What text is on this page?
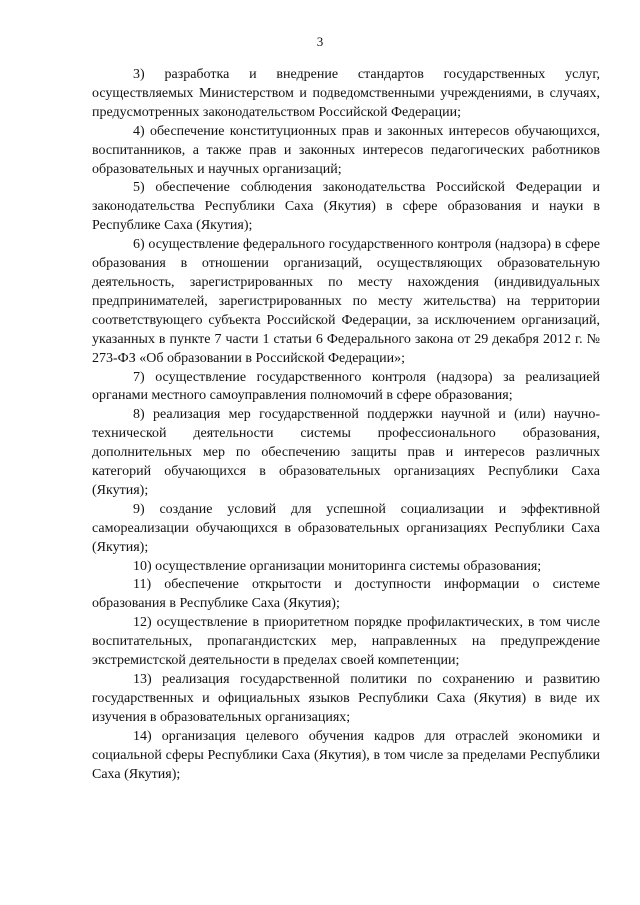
3

3) разработка и внедрение стандартов государственных услуг, осуществляемых Министерством и подведомственными учреждениями, в случаях, предусмотренных законодательством Российской Федерации;

4) обеспечение конституционных прав и законных интересов обучающихся, воспитанников, а также прав и законных интересов педагогических работников образовательных и научных организаций;

5) обеспечение соблюдения законодательства Российской Федерации и законодательства Республики Саха (Якутия) в сфере образования и науки в Республике Саха (Якутия);

6) осуществление федерального государственного контроля (надзора) в сфере образования в отношении организаций, осуществляющих образовательную деятельность, зарегистрированных по месту нахождения (индивидуальных предпринимателей, зарегистрированных по месту жительства) на территории соответствующего субъекта Российской Федерации, за исключением организаций, указанных в пункте 7 части 1 статьи 6 Федерального закона от 29 декабря 2012 г. № 273-ФЗ «Об образовании в Российской Федерации»;

7) осуществление государственного контроля (надзора) за реализацией органами местного самоуправления полномочий в сфере образования;

8) реализация мер государственной поддержки научной и (или) научно-технической деятельности системы профессионального образования, дополнительных мер по обеспечению защиты прав и интересов различных категорий обучающихся в образовательных организациях Республики Саха (Якутия);

9) создание условий для успешной социализации и эффективной самореализации обучающихся в образовательных организациях Республики Саха (Якутия);

10) осуществление организации мониторинга системы образования;

11) обеспечение открытости и доступности информации о системе образования в Республике Саха (Якутия);

12) осуществление в приоритетном порядке профилактических, в том числе воспитательных, пропагандистских мер, направленных на предупреждение экстремистской деятельности в пределах своей компетенции;

13) реализация государственной политики по сохранению и развитию государственных и официальных языков Республики Саха (Якутия) в виде их изучения в образовательных организациях;

14) организация целевого обучения кадров для отраслей экономики и социальной сферы Республики Саха (Якутия), в том числе за пределами Республики Саха (Якутия);
